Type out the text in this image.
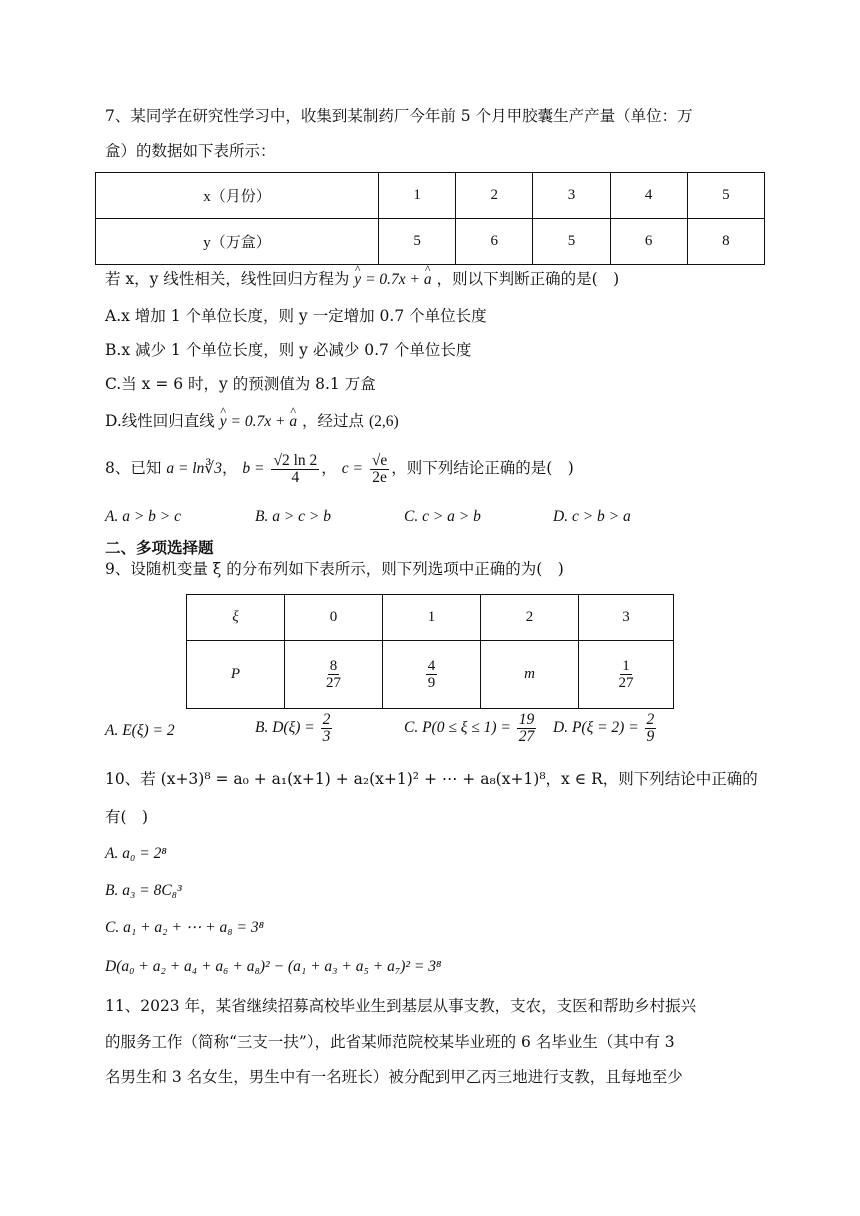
7、某同学在研究性学习中，收集到某制药厂今年前 5 个月甲胶囊生产产量（单位：万
盒）的数据如下表所示：
x（月份）	1	2	3	4	5
y（万盒）	5	6	5	6	8
若 x，y 线性相关，线性回归方程为 ^ y = 0.7x + ^ a ，则以下判断正确的是(　)
A.x 增加 1 个单位长度，则 y 一定增加 0.7 个单位长度
B.x 减少 1 个单位长度，则 y 必减少 0.7 个单位长度
C.当 x = 6 时，y 的预测值为 8.1 万盒
D.线性回归直线 ^ y = 0.7x + ^ a ，经过点 (2,6)
8、已知 a = ln∛3， $b = \frac{√2 \ln 2}{4}$ ， $c = \frac{√e}{2e}$ ，则下列结论正确的是(　)
A. a > b > c	B. a > c > b	C. c > a > b	D. c > b > a
二、多项选择题
9、设随机变量 ξ 的分布列如下表所示，则下列选项中正确的为(　)
ξ	0	1	2	3
P	$\frac{8}{27}$	$\frac{4}{9}$	m	$\frac{1}{27}$
A. E(ξ) = 2	B. $D(\xi) = \frac{2}{3}$	C. $P(0 \le \xi \le 1) = \frac{19}{27} D$. $P(\xi = 2) = \frac{2}{9}$
10、若 (x+3)⁸ = a₀ + a₁(x+1) + a₂(x+1)² + ⋯ + a₈(x+1)⁸，x ∈ R，则下列结论中正确的
有(　)
A. a₀ = 2⁸
B. a₃ = 8C₈³
C. a₁ + a₂ + ⋯ + a₈ = 3⁸
D(a₀ + a₂ + a₄ + a₆ + a₈)² − (a₁ + a₃ + a₅ + a₇)² = 3⁸
11、2023 年，某省继续招募高校毕业生到基层从事支教，支农，支医和帮助乡村振兴
的服务工作（简称“三支一扶”），此省某师范院校某毕业班的 6 名毕业生（其中有 3
名男生和 3 名女生，男生中有一名班长）被分配到甲乙丙三地进行支教，且每地至少
